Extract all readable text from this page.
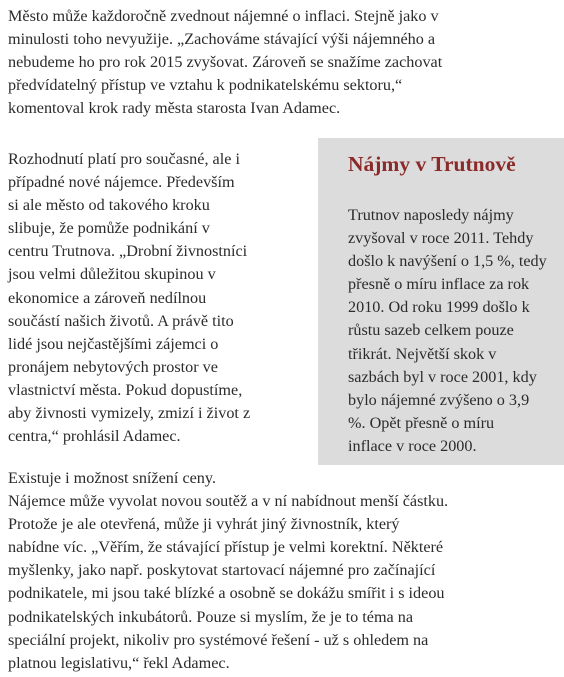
Město může každoročně zvednout nájemné o inflaci. Stejně jako v
minulosti toho nevyužije. „Zachováme stávající výši nájemného a
nebudeme ho pro rok 2015 zvyšovat. Zároveň se snažíme zachovat
předvídatelný přístup ve vztahu k podnikatelskému sektoru,“
komentoval krok rady města starosta Ivan Adamec.
Rozhodnutí platí pro současné, ale i
případné nové nájemce. Především
si ale město od takového kroku
slibuje, že pomůže podnikání v
centru Trutnova. „Drobní živnostníci
jsou velmi důležitou skupinou v
ekonomice a zároveň nedílnou
součástí našich životů. A právě tito
lidé jsou nejčastějšími zájemci o
pronájem nebytových prostor ve
vlastnictví města. Pokud dopustíme,
aby živnosti vymizely, zmizí i život z
centra,“ prohlásil Adamec.
Nájmy v Trutnově
Trutnov naposledy nájmy
zvyšoval v roce 2011. Tehdy
došlo k navýšení o 1,5 %, tedy
přesně o míru inflace za rok
2010. Od roku 1999 došlo k
růstu sazeb celkem pouze
třikrát. Největší skok v
sazbách byl v roce 2001, kdy
bylo nájemné zvýšeno o 3,9
%. Opět přesně o míru
inflace v roce 2000.
Existuje i možnost snížení ceny.
Nájemce může vyvolat novou soutěž a v ní nabídnout menší částku.
Protože je ale otevřená, může ji vyhrát jiný živnostník, který
nabídne víc. „Věřím, že stávající přístup je velmi korektní. Některé
myšlenky, jako např. poskytovat startovací nájemné pro začínající
podnikatele, mi jsou také blízké a osobně se dokážu smířit i s ideou
podnikatelských inkubátorů. Pouze si myslím, že je to téma na
speciální projekt, nikoliv pro systémové řešení - už s ohledem na
platnou legislativu,“ řekl Adamec.
